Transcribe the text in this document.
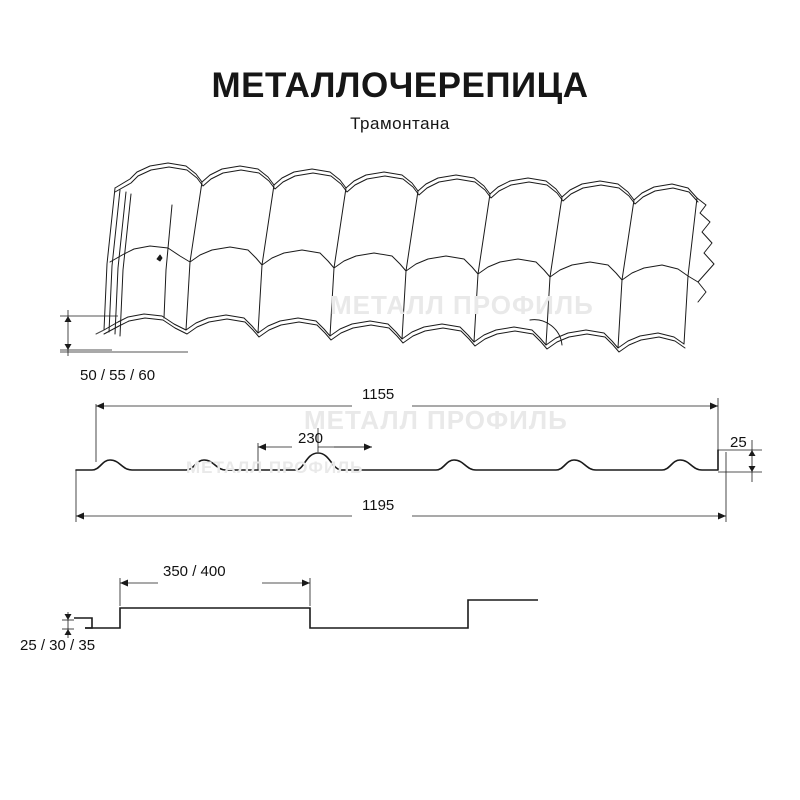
МЕТАЛЛ ПРОФИЛЬ
МЕТАЛЛ ПРОФИЛЬ
МЕТАЛЛ ПРОФИЛЬ
МЕТАЛЛОЧЕРЕПИЦА
Трамонтана
50 / 55 / 60
1155
230
1195
25
350 / 400
25 / 30 / 35
